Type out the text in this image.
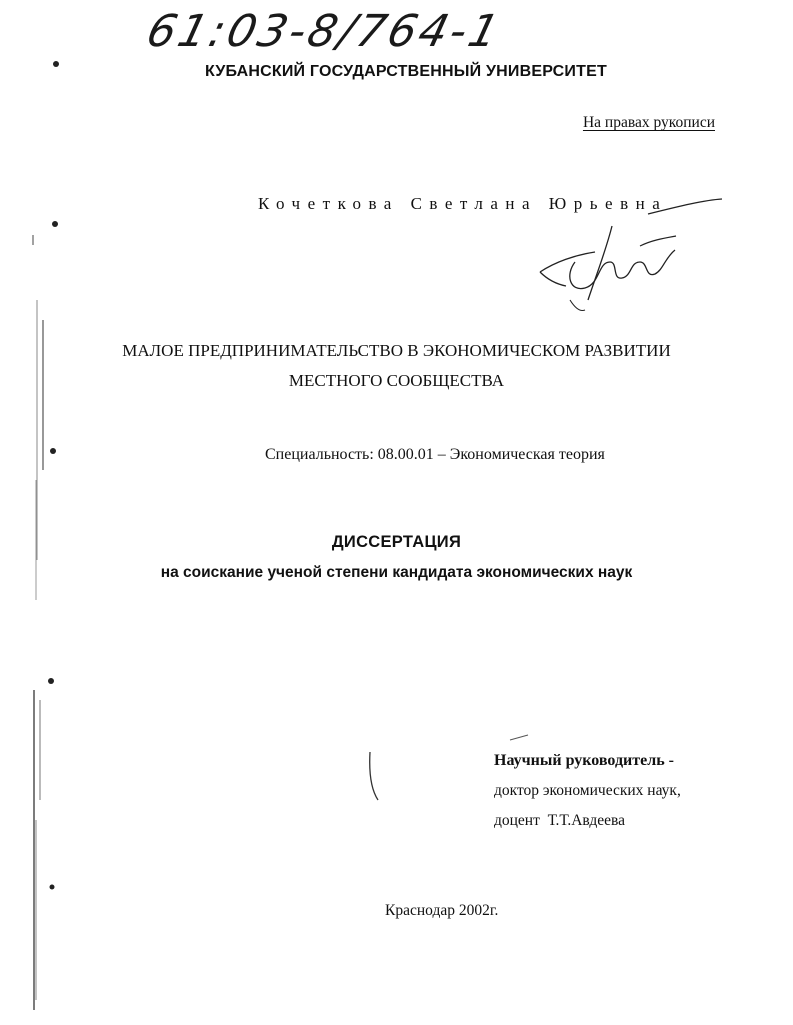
61:03-8/764-1
КУБАНСКИЙ ГОСУДАРСТВЕННЫЙ УНИВЕРСИТЕТ
На правах рукописи
Кочеткова Светлана Юрьевна
МАЛОЕ ПРЕДПРИНИМАТЕЛЬСТВО В ЭКОНОМИЧЕСКОМ РАЗВИТИИ
МЕСТНОГО СООБЩЕСТВА
Специальность: 08.00.01 – Экономическая теория
ДИССЕРТАЦИЯ
на соискание ученой степени кандидата экономических наук
Научный руководитель -
доктор экономических наук,
доцент  Т.Т.Авдеева
Краснодар 2002г.
